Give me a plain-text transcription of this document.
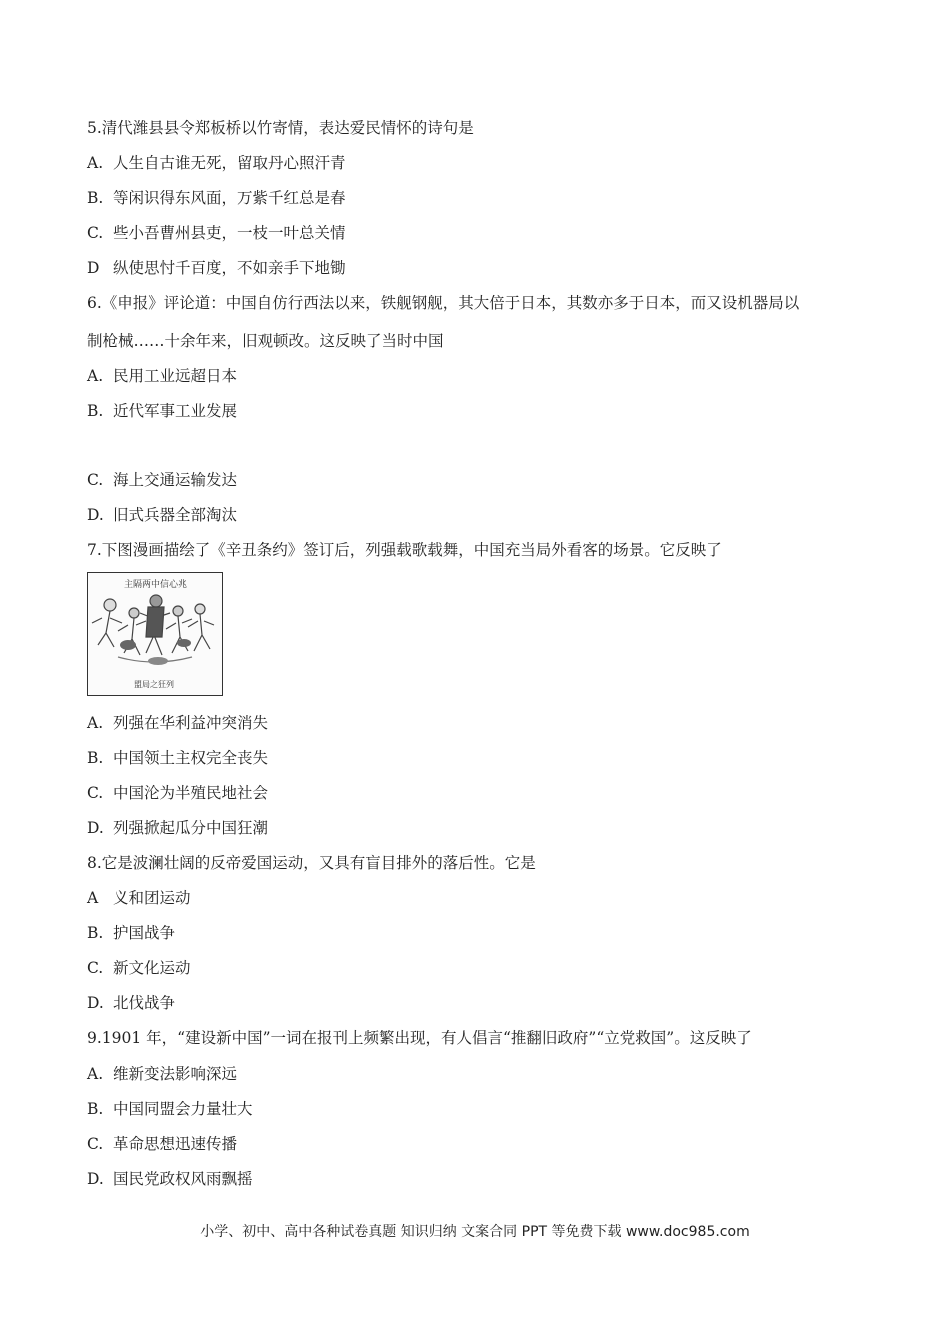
5.清代潍县县令郑板桥以竹寄情，表达爱民情怀的诗句是
A. 人生自古谁无死，留取丹心照汗青
B. 等闲识得东风面，万紫千红总是春
C. 些小吾曹州县吏，一枝一叶总关情
D 纵使思忖千百度，不如亲手下地锄
6.《申报》评论道：中国自仿行西法以来，铁舰钢舰，其大倍于日本，其数亦多于日本，而又设机器局以
制枪械……十余年来，旧观顿改。这反映了当时中国
A. 民用工业远超日本
B. 近代军事工业发展
C. 海上交通运输发达
D. 旧式兵器全部淘汰
7.下图漫画描绘了《辛丑条约》签订后，列强载歌载舞，中国充当局外看客的场景。它反映了
主隔两中信心兆
盟局之狂列
A. 列强在华利益冲突消失
B. 中国领土主权完全丧失
C. 中国沦为半殖民地社会
D. 列强掀起瓜分中国狂潮
8.它是波澜壮阔的反帝爱国运动，又具有盲目排外的落后性。它是
A 义和团运动
B. 护国战争
C. 新文化运动
D. 北伐战争
9.1901 年，“建设新中国”一词在报刊上频繁出现，有人倡言“推翻旧政府”“立党救国”。这反映了
A. 维新变法影响深远
B. 中国同盟会力量壮大
C. 革命思想迅速传播
D. 国民党政权风雨飘摇
小学、初中、高中各种试卷真题 知识归纳 文案合同 PPT 等免费下载 www.doc985.com
